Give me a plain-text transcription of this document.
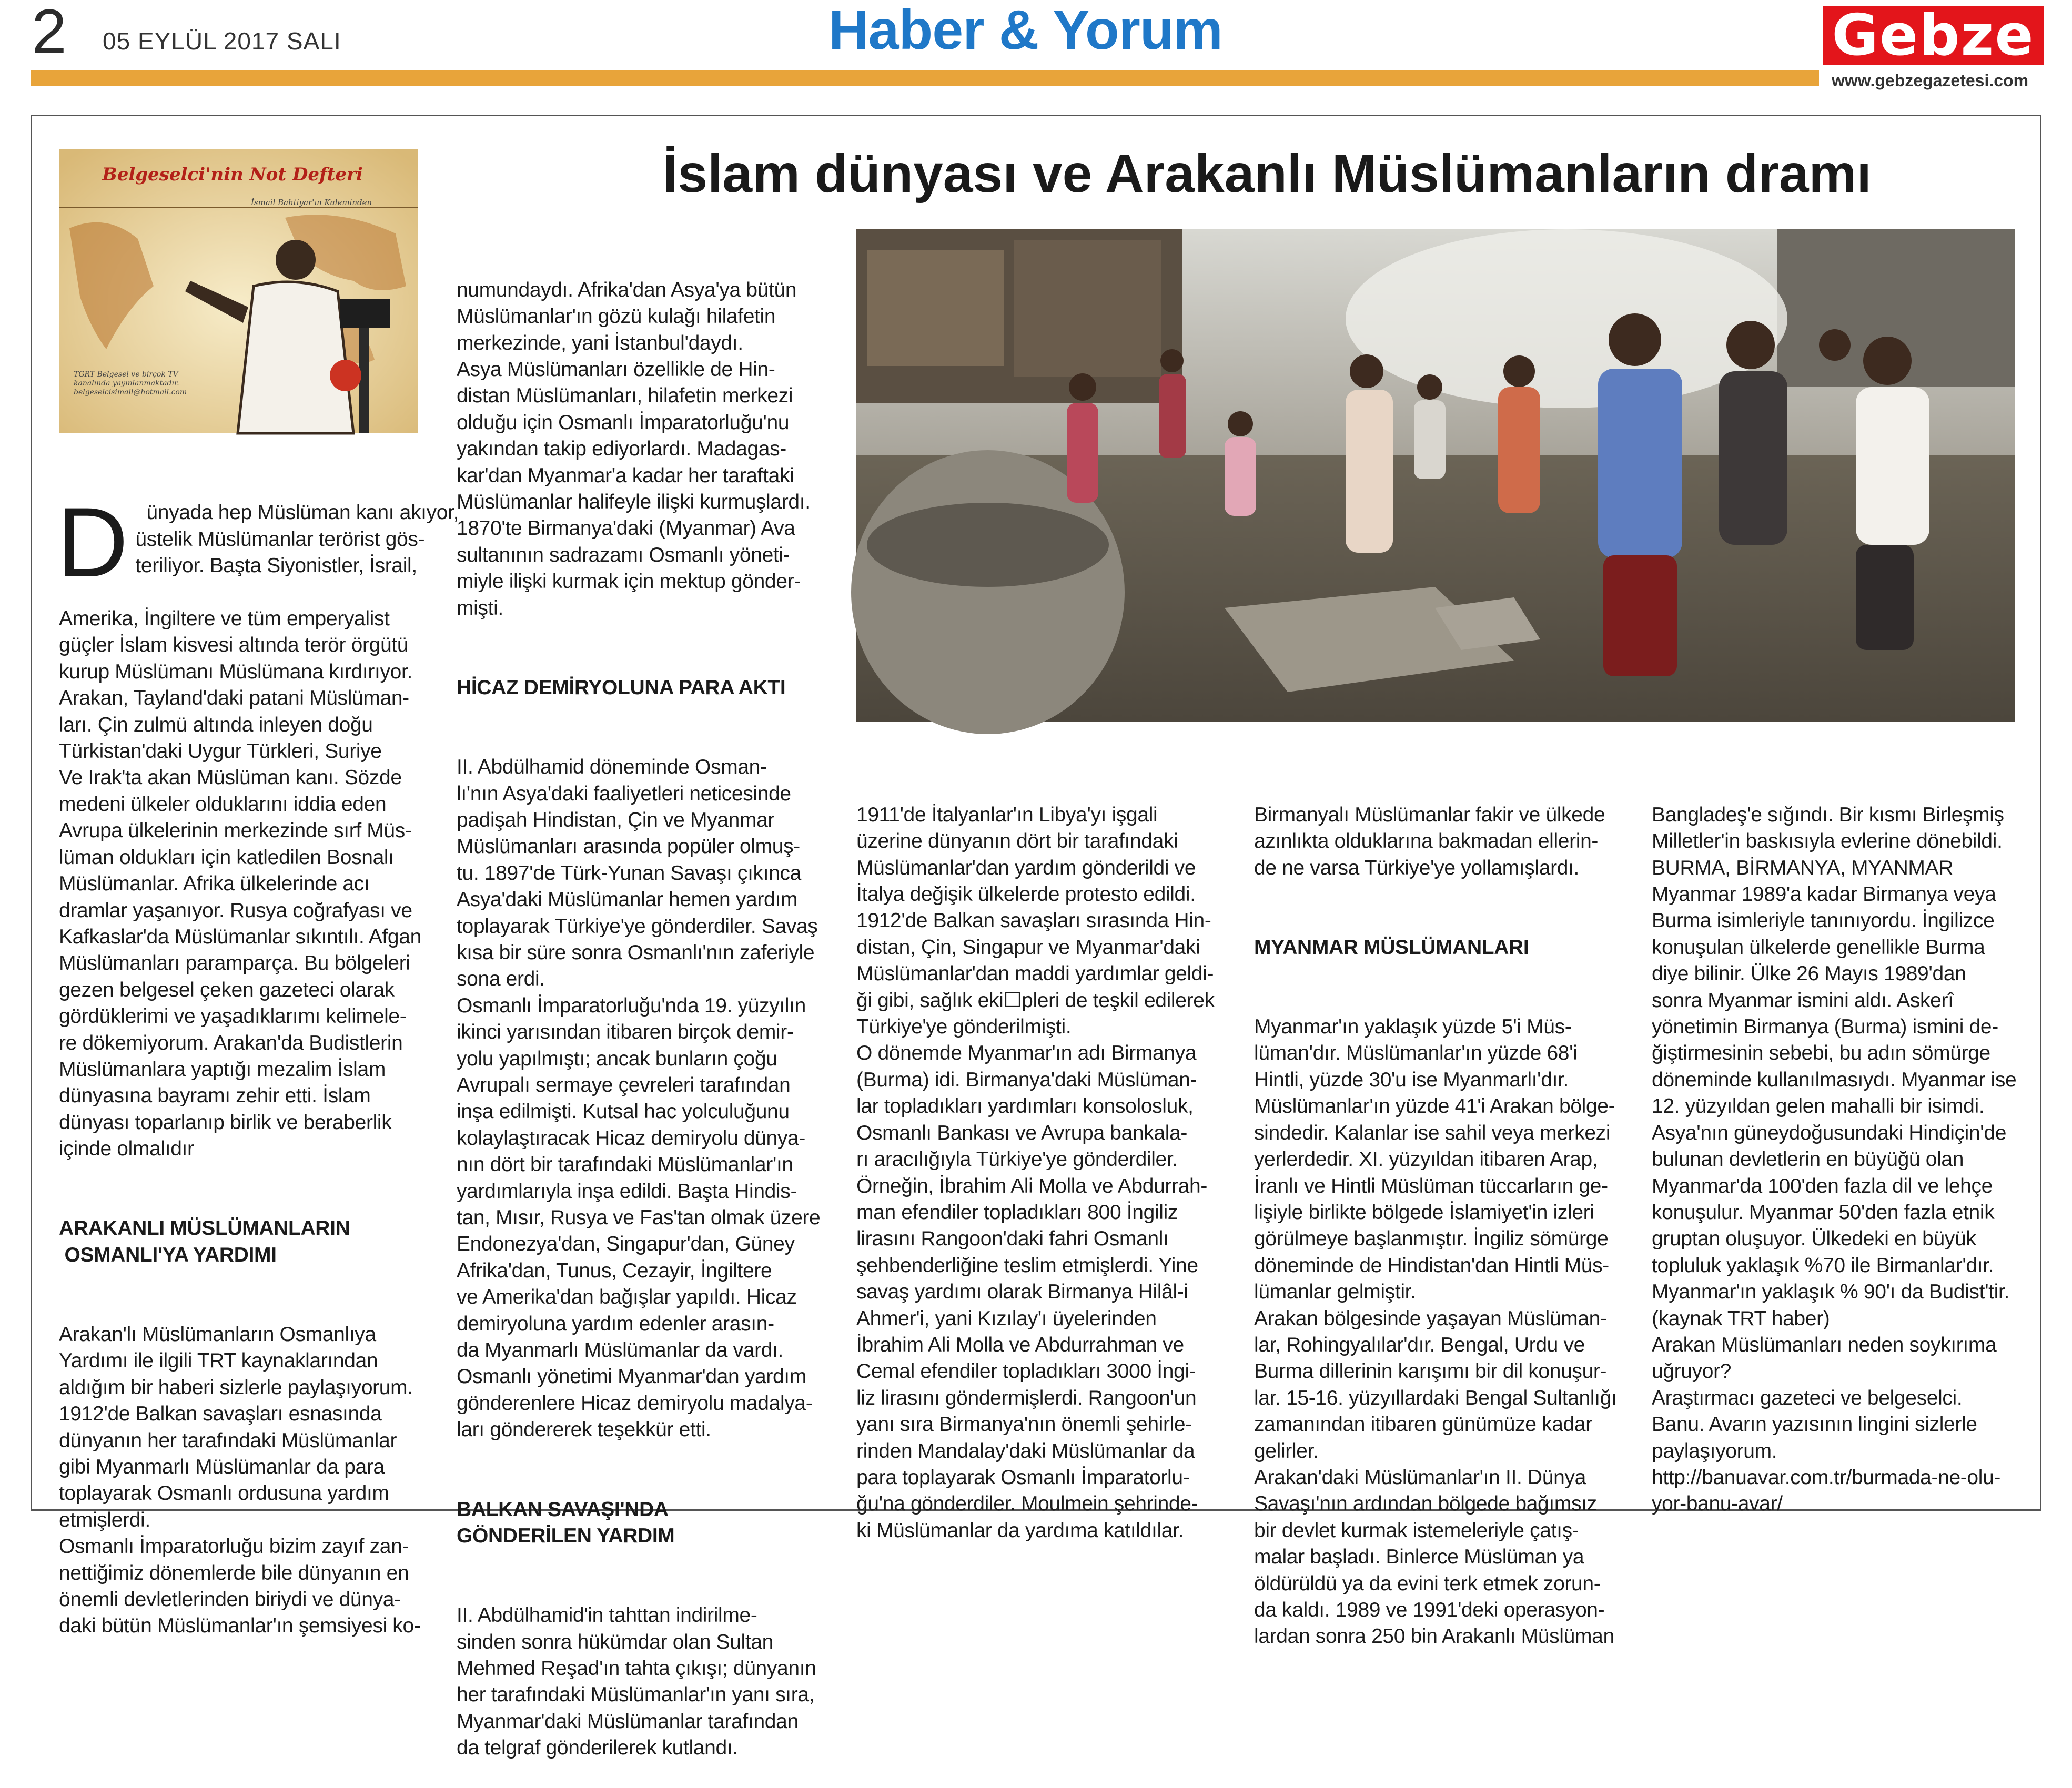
2 05 EYLÜL 2017 SALI	Haber & Yorum	Gebze
www.gebzegazetesi.com
İslam dünyası ve Arakanlı Müslümanların dramı
Belgeselci'nin Not Defteri
İsmail Bahtiyar'ın Kaleminden
TGRT Belgesel ve birçok TV kanalında yayınlanmaktadır. belgeselcisimail@hotmail.com

Dünyada hep Müslüman kanı akıyor,
üstelik Müslümanlar terörist gös-
teriliyor. Başta Siyonistler, İsrail,

Amerika, İngiltere ve tüm emperyalist
güçler İslam kisvesi altında terör örgütü
kurup Müslümanı Müslümana kırdırıyor.
Arakan, Tayland'daki patani Müslüman-
ları. Çin zulmü altında inleyen doğu
Türkistan'daki Uygur Türkleri, Suriye
Ve Irak'ta akan Müslüman kanı. Sözde
medeni ülkeler olduklarını iddia eden
Avrupa ülkelerinin merkezinde sırf Müs-
lüman oldukları için katledilen Bosnalı
Müslümanlar. Afrika ülkelerinde acı
dramlar yaşanıyor. Rusya coğrafyası ve
Kafkaslar'da Müslümanlar sıkıntılı. Afgan
Müslümanları paramparça. Bu bölgeleri
gezen belgesel çeken gazeteci olarak
gördüklerimi ve yaşadıklarımı kelimele-
re dökemiyorum. Arakan'da Budistlerin
Müslümanlara yaptığı mezalim İslam
dünyasına bayramı zehir etti. İslam
dünyası toparlanıp birlik ve beraberlik
içinde olmalıdır

ARAKANLI MÜSLÜMANLARIN
OSMANLI'YA YARDIMI

Arakan'lı Müslümanların Osmanlıya
Yardımı ile ilgili TRT kaynaklarından
aldığım bir haberi sizlerle paylaşıyorum.
1912'de Balkan savaşları esnasında
dünyanın her tarafındaki Müslümanlar
gibi Myanmarlı Müslümanlar da para
toplayarak Osmanlı ordusuna yardım
etmişlerdi.
Osmanlı İmparatorluğu bizim zayıf zan-
nettiğimiz dönemlerde bile dünyanın en
önemli devletlerinden biriydi ve dünya-
daki bütün Müslümanlar'ın şemsiyesi ko-

numundaydı. Afrika'dan Asya'ya bütün
Müslümanlar'ın gözü kulağı hilafetin
merkezinde, yani İstanbul'daydı.
Asya Müslümanları özellikle de Hin-
distan Müslümanları, hilafetin merkezi
olduğu için Osmanlı İmparatorluğu'nu
yakından takip ediyorlardı. Madagas-
kar'dan Myanmar'a kadar her taraftaki
Müslümanlar halifeyle ilişki kurmuşlardı.
1870'te Birmanya'daki (Myanmar) Ava
sultanının sadrazamı Osmanlı yöneti-
miyle ilişki kurmak için mektup gönder-
mişti.

HİCAZ DEMİRYOLUNA PARA AKTI

II. Abdülhamid döneminde Osman-
lı'nın Asya'daki faaliyetleri neticesinde
padişah Hindistan, Çin ve Myanmar
Müslümanları arasında popüler olmuş-
tu. 1897'de Türk-Yunan Savaşı çıkınca
Asya'daki Müslümanlar hemen yardım
toplayarak Türkiye'ye gönderdiler. Savaş
kısa bir süre sonra Osmanlı'nın zaferiyle
sona erdi.
Osmanlı İmparatorluğu'nda 19. yüzyılın
ikinci yarısından itibaren birçok demir-
yolu yapılmıştı; ancak bunların çoğu
Avrupalı sermaye çevreleri tarafından
inşa edilmişti. Kutsal hac yolculuğunu
kolaylaştıracak Hicaz demiryolu dünya-
nın dört bir tarafındaki Müslümanlar'ın
yardımlarıyla inşa edildi. Başta Hindis-
tan, Mısır, Rusya ve Fas'tan olmak üzere
Endonezya'dan, Singapur'dan, Güney
Afrika'dan, Tunus, Cezayir, İngiltere
ve Amerika'dan bağışlar yapıldı. Hicaz
demiryoluna yardım edenler arasın-
da Myanmarlı Müslümanlar da vardı.
Osmanlı yönetimi Myanmar'dan yardım
gönderenlere Hicaz demiryolu madalya-
ları göndererek teşekkür etti.

BALKAN SAVAŞI'NDA
GÖNDERİLEN YARDIM

II. Abdülhamid'in tahttan indirilme-
sinden sonra hükümdar olan Sultan
Mehmed Reşad'ın tahta çıkışı; dünyanın
her tarafındaki Müslümanlar'ın yanı sıra,
Myanmar'daki Müslümanlar tarafından
da telgraf gönderilerek kutlandı.

1911'de İtalyanlar'ın Libya'yı işgali
üzerine dünyanın dört bir tarafındaki
Müslümanlar'dan yardım gönderildi ve
İtalya değişik ülkelerde protesto edildi.
1912'de Balkan savaşları sırasında Hin-
distan, Çin, Singapur ve Myanmar'daki
Müslümanlar'dan maddi yardımlar geldi-
ği gibi, sağlık eki☐pleri de teşkil edilerek
Türkiye'ye gönderilmişti.
O dönemde Myanmar'ın adı Birmanya
(Burma) idi. Birmanya'daki Müslüman-
lar topladıkları yardımları konsolosluk,
Osmanlı Bankası ve Avrupa bankala-
rı aracılığıyla Türkiye'ye gönderdiler.
Örneğin, İbrahim Ali Molla ve Abdurrah-
man efendiler topladıkları 800 İngiliz
lirasını Rangoon'daki fahri Osmanlı
şehbenderliğine teslim etmişlerdi. Yine
savaş yardımı olarak Birmanya Hilâl-i
Ahmer'i, yani Kızılay'ı üyelerinden
İbrahim Ali Molla ve Abdurrahman ve
Cemal efendiler topladıkları 3000 İngi-
liz lirasını göndermişlerdi. Rangoon'un
yanı sıra Birmanya'nın önemli şehirle-
rinden Mandalay'daki Müslümanlar da
para toplayarak Osmanlı İmparatorlu-
ğu'na gönderdiler. Moulmein şehrinde-
ki Müslümanlar da yardıma katıldılar.

Birmanyalı Müslümanlar fakir ve ülkede
azınlıkta olduklarına bakmadan ellerin-
de ne varsa Türkiye'ye yollamışlardı.

MYANMAR MÜSLÜMANLARI

Myanmar'ın yaklaşık yüzde 5'i Müs-
lüman'dır. Müslümanlar'ın yüzde 68'i
Hintli, yüzde 30'u ise Myanmarlı'dır.
Müslümanlar'ın yüzde 41'i Arakan bölge-
sindedir. Kalanlar ise sahil veya merkezi
yerlerdedir. XI. yüzyıldan itibaren Arap,
İranlı ve Hintli Müslüman tüccarların ge-
lişiyle birlikte bölgede İslamiyet'in izleri
görülmeye başlanmıştır. İngiliz sömürge
döneminde de Hindistan'dan Hintli Müs-
lümanlar gelmiştir.
Arakan bölgesinde yaşayan Müslüman-
lar, Rohingyalılar'dır. Bengal, Urdu ve
Burma dillerinin karışımı bir dil konuşur-
lar. 15-16. yüzyıllardaki Bengal Sultanlığı
zamanından itibaren günümüze kadar
gelirler.
Arakan'daki Müslümanlar'ın II. Dünya
Savaşı'nın ardından bölgede bağımsız
bir devlet kurmak istemeleriyle çatış-
malar başladı. Binlerce Müslüman ya
öldürüldü ya da evini terk etmek zorun-
da kaldı. 1989 ve 1991'deki operasyon-
lardan sonra 250 bin Arakanlı Müslüman

Bangladeş'e sığındı. Bir kısmı Birleşmiş
Milletler'in baskısıyla evlerine dönebildi.
BURMA, BİRMANYA, MYANMAR
Myanmar 1989'a kadar Birmanya veya
Burma isimleriyle tanınıyordu. İngilizce
konuşulan ülkelerde genellikle Burma
diye bilinir. Ülke 26 Mayıs 1989'dan
sonra Myanmar ismini aldı. Askerî
yönetimin Birmanya (Burma) ismini de-
ğiştirmesinin sebebi, bu adın sömürge
döneminde kullanılmasıydı. Myanmar ise
12. yüzyıldan gelen mahalli bir isimdi.
Asya'nın güneydoğusundaki Hindiçin'de
bulunan devletlerin en büyüğü olan
Myanmar'da 100'den fazla dil ve lehçe
konuşulur. Myanmar 50'den fazla etnik
gruptan oluşuyor. Ülkedeki en büyük
topluluk yaklaşık %70 ile Birmanlar'dır.
Myanmar'ın yaklaşık % 90'ı da Budist'tir.
(kaynak TRT haber)
Arakan Müslümanları neden soykırıma
uğruyor?
Araştırmacı gazeteci ve belgeselci.
Banu. Avarın yazısının lingini sizlerle
paylaşıyorum.
http://banuavar.com.tr/burmada-ne-olu-
yor-banu-avar/
